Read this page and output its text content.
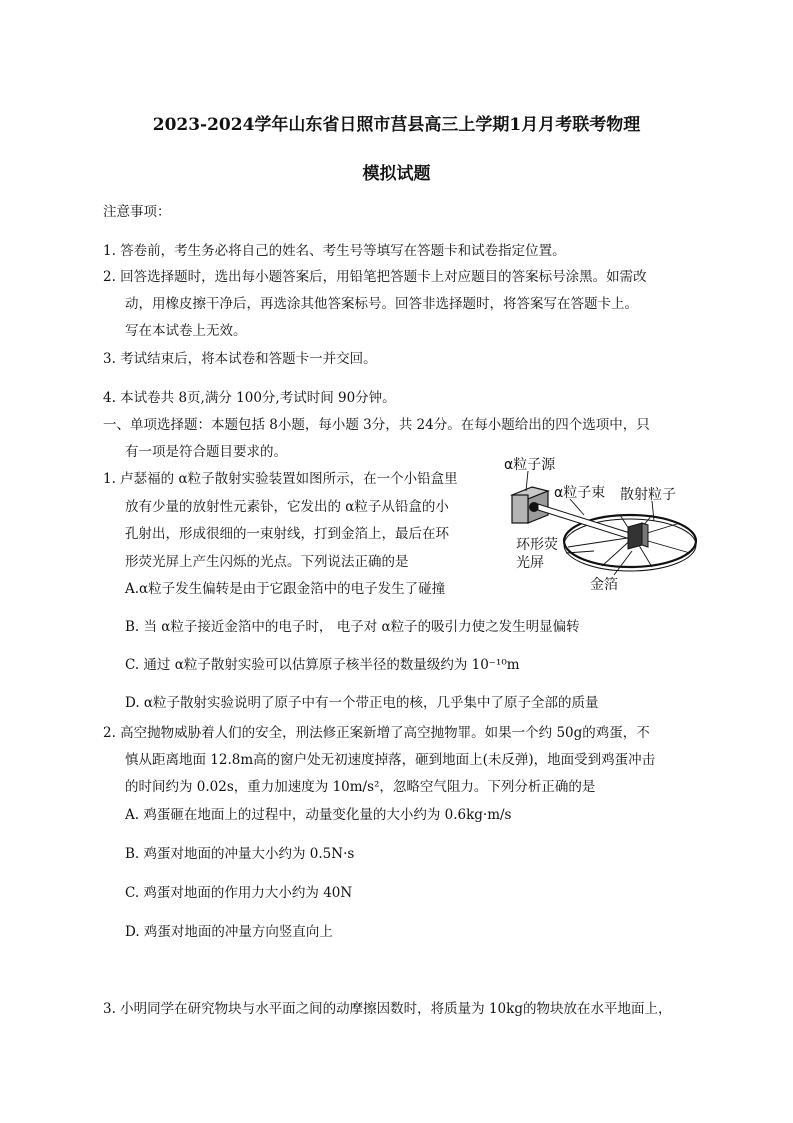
2023-2024学年山东省日照市莒县高三上学期1月月考联考物理
模拟试题
注意事项：
1. 答卷前，考生务必将自己的姓名、考生号等填写在答题卡和试卷指定位置。
2. 回答选择题时，选出每小题答案后，用铅笔把答题卡上对应题目的答案标号涂黑。如需改
动，用橡皮擦干净后，再选涂其他答案标号。回答非选择题时，将答案写在答题卡上。
写在本试卷上无效。
3. 考试结束后，将本试卷和答题卡一并交回。
4. 本试卷共 8页,满分 100分,考试时间 90分钟。
一、单项选择题：本题包括 8小题，每小题 3分，共 24分。在每小题给出的四个选项中，只
有一项是符合题目要求的。
1. 卢瑟福的 α粒子散射实验装置如图所示，在一个小铅盒里
放有少量的放射性元素钋，它发出的 α粒子从铅盒的小
孔射出，形成很细的一束射线，打到金箔上，最后在环
形荧光屏上产生闪烁的光点。下列说法正确的是
A.α粒子发生偏转是由于它跟金箔中的电子发生了碰撞
B. 当 α粒子接近金箔中的电子时， 电子对 α粒子的吸引力使之发生明显偏转
C. 通过 α粒子散射实验可以估算原子核半径的数量级约为 10⁻¹⁰m
D. α粒子散射实验说明了原子中有一个带正电的核，几乎集中了原子全部的质量
α粒子源
α粒子束 散射粒子
环形荧
光屏
金箔
2. 高空抛物威胁着人们的安全，刑法修正案新增了高空抛物罪。如果一个约 50g的鸡蛋，不
慎从距离地面 12.8m高的窗户处无初速度掉落，砸到地面上(未反弹)，地面受到鸡蛋冲击
的时间约为 0.02s，重力加速度为 10m/s²，忽略空气阻力。下列分析正确的是
A. 鸡蛋砸在地面上的过程中，动量变化量的大小约为 0.6kg·m/s
B. 鸡蛋对地面的冲量大小约为 0.5N·s
C. 鸡蛋对地面的作用力大小约为 40N
D. 鸡蛋对地面的冲量方向竖直向上
3. 小明同学在研究物块与水平面之间的动摩擦因数时，将质量为 10kg的物块放在水平地面上，
